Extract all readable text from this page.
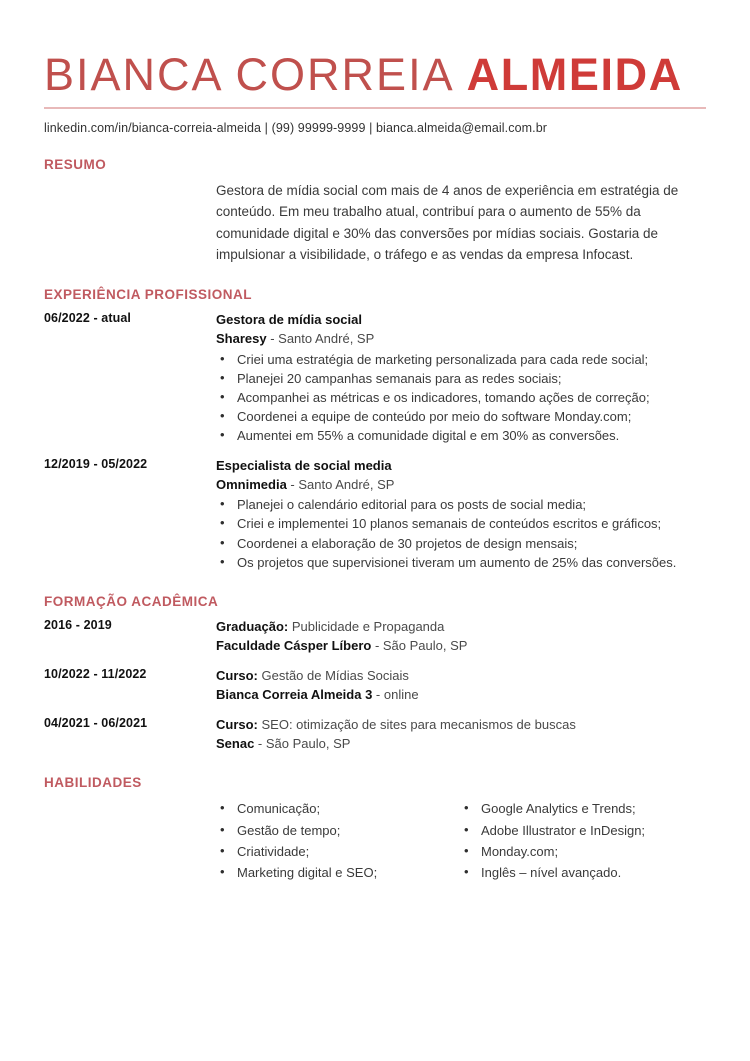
BIANCA CORREIA ALMEIDA
linkedin.com/in/bianca-correia-almeida | (99) 99999-9999 | bianca.almeida@email.com.br
RESUMO
Gestora de mídia social com mais de 4 anos de experiência em estratégia de conteúdo. Em meu trabalho atual, contribuí para o aumento de 55% da comunidade digital e 30% das conversões por mídias sociais. Gostaria de impulsionar a visibilidade, o tráfego e as vendas da empresa Infocast.
EXPERIÊNCIA PROFISSIONAL
06/2022 - atual	Gestora de mídia social
Sharesy - Santo André, SP
• Criei uma estratégia de marketing personalizada para cada rede social;
• Planejei 20 campanhas semanais para as redes sociais;
• Acompanhei as métricas e os indicadores, tomando ações de correção;
• Coordenei a equipe de conteúdo por meio do software Monday.com;
• Aumentei em 55% a comunidade digital e em 30% as conversões.
12/2019 - 05/2022	Especialista de social media
Omnimedia - Santo André, SP
• Planejei o calendário editorial para os posts de social media;
• Criei e implementei 10 planos semanais de conteúdos escritos e gráficos;
• Coordenei a elaboração de 30 projetos de design mensais;
• Os projetos que supervisionei tiveram um aumento de 25% das conversões.
FORMAÇÃO ACADÊMICA
2016 - 2019	Graduação: Publicidade e Propaganda
Faculdade Cásper Líbero - São Paulo, SP
10/2022 - 11/2022	Curso: Gestão de Mídias Sociais
Bianca Correia Almeida 3 - online
04/2021 - 06/2021	Curso: SEO: otimização de sites para mecanismos de buscas
Senac - São Paulo, SP
HABILIDADES
• Comunicação;
• Gestão de tempo;
• Criatividade;
• Marketing digital e SEO;
• Google Analytics e Trends;
• Adobe Illustrator e InDesign;
• Monday.com;
• Inglês – nível avançado.
